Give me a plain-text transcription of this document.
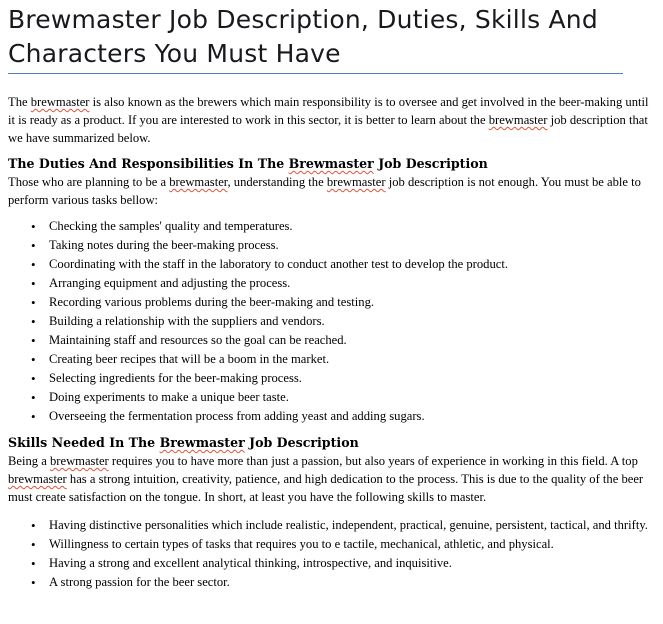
Brewmaster Job Description, Duties, Skills And Characters You Must Have

The brewmaster is also known as the brewers which main responsibility is to oversee and get involved in the beer-making until it is ready as a product. If you are interested to work in this sector, it is better to learn about the brewmaster job description that we have summarized below.

The Duties And Responsibilities In The Brewmaster Job Description

Those who are planning to be a brewmaster, understanding the brewmaster job description is not enough. You must be able to perform various tasks bellow:

• Checking the samples' quality and temperatures.
• Taking notes during the beer-making process.
• Coordinating with the staff in the laboratory to conduct another test to develop the product.
• Arranging equipment and adjusting the process.
• Recording various problems during the beer-making and testing.
• Building a relationship with the suppliers and vendors.
• Maintaining staff and resources so the goal can be reached.
• Creating beer recipes that will be a boom in the market.
• Selecting ingredients for the beer-making process.
• Doing experiments to make a unique beer taste.
• Overseeing the fermentation process from adding yeast and adding sugars.
Skills Needed In The Brewmaster Job Description

Being a brewmaster requires you to have more than just a passion, but also years of experience in working in this field. A top brewmaster has a strong intuition, creativity, patience, and high dedication to the process. This is due to the quality of the beer must create satisfaction on the tongue. In short, at least you have the following skills to master.

• Having distinctive personalities which include realistic, independent, practical, genuine, persistent, tactical, and thrifty.
• Willingness to certain types of tasks that requires you to e tactile, mechanical, athletic, and physical.
• Having a strong and excellent analytical thinking, introspective, and inquisitive.
• A strong passion for the beer sector.
